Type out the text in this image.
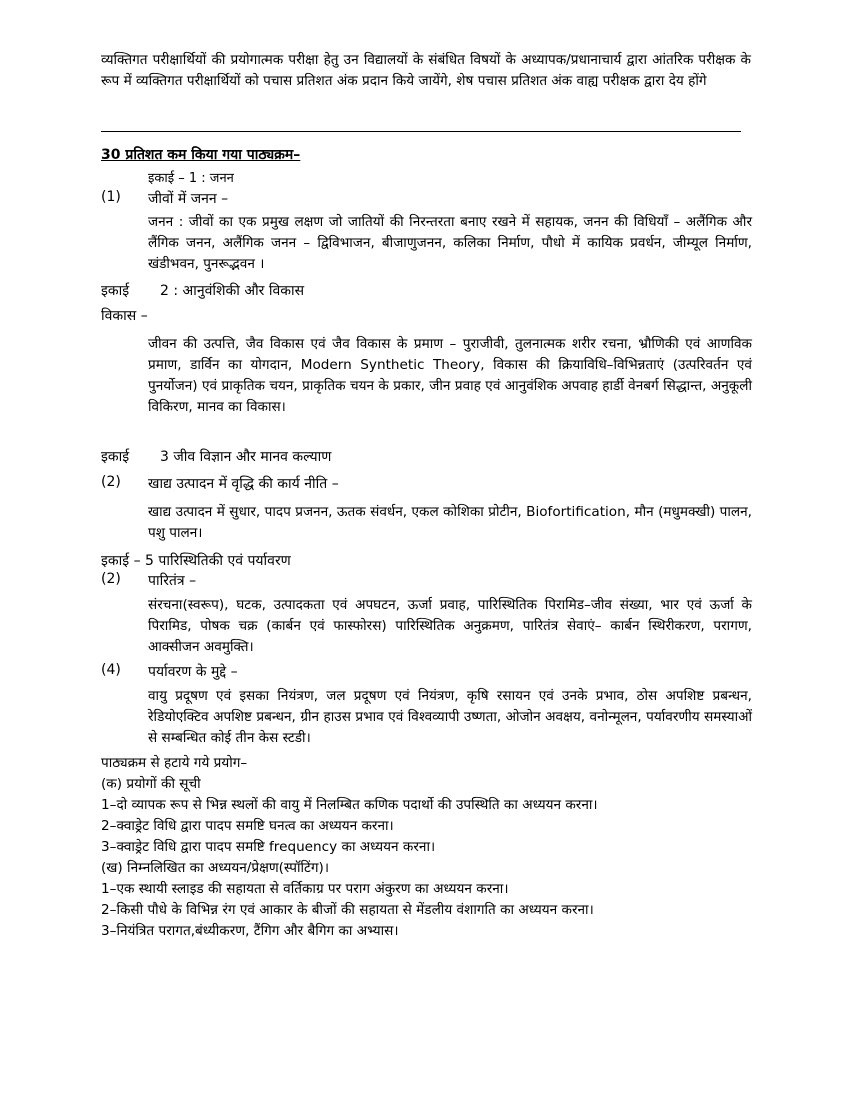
व्यक्तिगत परीक्षार्थियों की प्रयोगात्मक परीक्षा हेतु उन विद्यालयों के संबंधित विषयों के अध्यापक/प्रधानाचार्य द्वारा आंतरिक परीक्षक के रूप में व्यक्तिगत परीक्षार्थियों को पचास प्रतिशत अंक प्रदान किये जायेंगे, शेष पचास प्रतिशत अंक वाह्य परीक्षक द्वारा देय होंगे
30 प्रतिशत कम किया गया पाठ्यक्रम–
इकाई – 1 : जनन
(1) जीवों में जनन –
जनन : जीवों का एक प्रमुख लक्षण जो जातियों की निरन्तरता बनाए रखने में सहायक, जनन की विधियाँ – अलैंगिक और लैंगिक जनन, अलैंगिक जनन – द्विविभाजन, बीजाणुजनन, कलिका निर्माण, पौधो में कायिक प्रवर्धन, जीम्यूल निर्माण, खंडीभवन, पुनरूद्भवन ।
इकाई 2 : आनुवंशिकी और विकास
विकास –
जीवन की उत्पत्ति, जैव विकास एवं जैव विकास के प्रमाण – पुराजीवी, तुलनात्मक शरीर रचना, भ्रौणिकी एवं आणविक प्रमाण, डार्विन का योगदान, Modern Synthetic Theory, विकास की क्रियाविधि–विभिन्नताएं (उत्परिवर्तन एवं पुनर्योजन) एवं प्राकृतिक चयन, प्राकृतिक चयन के प्रकार, जीन प्रवाह एवं आनुवंशिक अपवाह हार्डी वेनबर्ग सिद्धान्त, अनुकूली विकिरण, मानव का विकास।
इकाई 3 जीव विज्ञान और मानव कल्याण
(2) खाद्य उत्पादन में वृद्धि की कार्य नीति –
खाद्य उत्पादन में सुधार, पादप प्रजनन, ऊतक संवर्धन, एकल कोशिका प्रोटीन, Biofortification, मौन (मधुमक्खी) पालन, पशु पालन।
इकाई – 5 पारिस्थितिकी एवं पर्यावरण
(2) पारितंत्र –
संरचना(स्वरूप), घटक, उत्पादकता एवं अपघटन, ऊर्जा प्रवाह, पारिस्थितिक पिरामिड–जीव संख्या, भार एवं ऊर्जा के पिरामिड, पोषक चक्र (कार्बन एवं फास्फोरस) पारिस्थितिक अनुक्रमण, पारितंत्र सेवाएं– कार्बन स्थिरीकरण, परागण, आक्सीजन अवमुक्ति।
(4) पर्यावरण के मुद्दे –
वायु प्रदूषण एवं इसका नियंत्रण, जल प्रदूषण एवं नियंत्रण, कृषि रसायन एवं उनके प्रभाव, ठोस अपशिष्ट प्रबन्धन, रेडियोएक्टिव अपशिष्ट प्रबन्धन, ग्रीन हाउस प्रभाव एवं विश्वव्यापी उष्णता, ओजोन अवक्षय, वनोन्मूलन, पर्यावरणीय समस्याओं से सम्बन्धित कोई तीन केस स्टडी।
पाठ्यक्रम से हटाये गये प्रयोग–
(क) प्रयोगों की सूची
1–दो व्यापक रूप से भिन्न स्थलों की वायु में निलम्बित कणिक पदार्थो की उपस्थिति का अध्ययन करना।
2–क्वाड्रेट विधि द्वारा पादप समष्टि घनत्व का अध्ययन करना।
3–क्वाड्रेट विधि द्वारा पादप समष्टि frequency का अध्ययन करना।
(ख) निम्नलिखित का अध्ययन/प्रेक्षण(स्पॉटिंग)।
1–एक स्थायी स्लाइड की सहायता से वर्तिकाग्र पर पराग अंकुरण का अध्ययन करना।
2–किसी पौधे के विभिन्न रंग एवं आकार के बीजों की सहायता से मेंडलीय वंशागति का अध्ययन करना।
3–नियंत्रित परागत,बंध्यीकरण, टैंगिग और बैगिग का अभ्यास।
